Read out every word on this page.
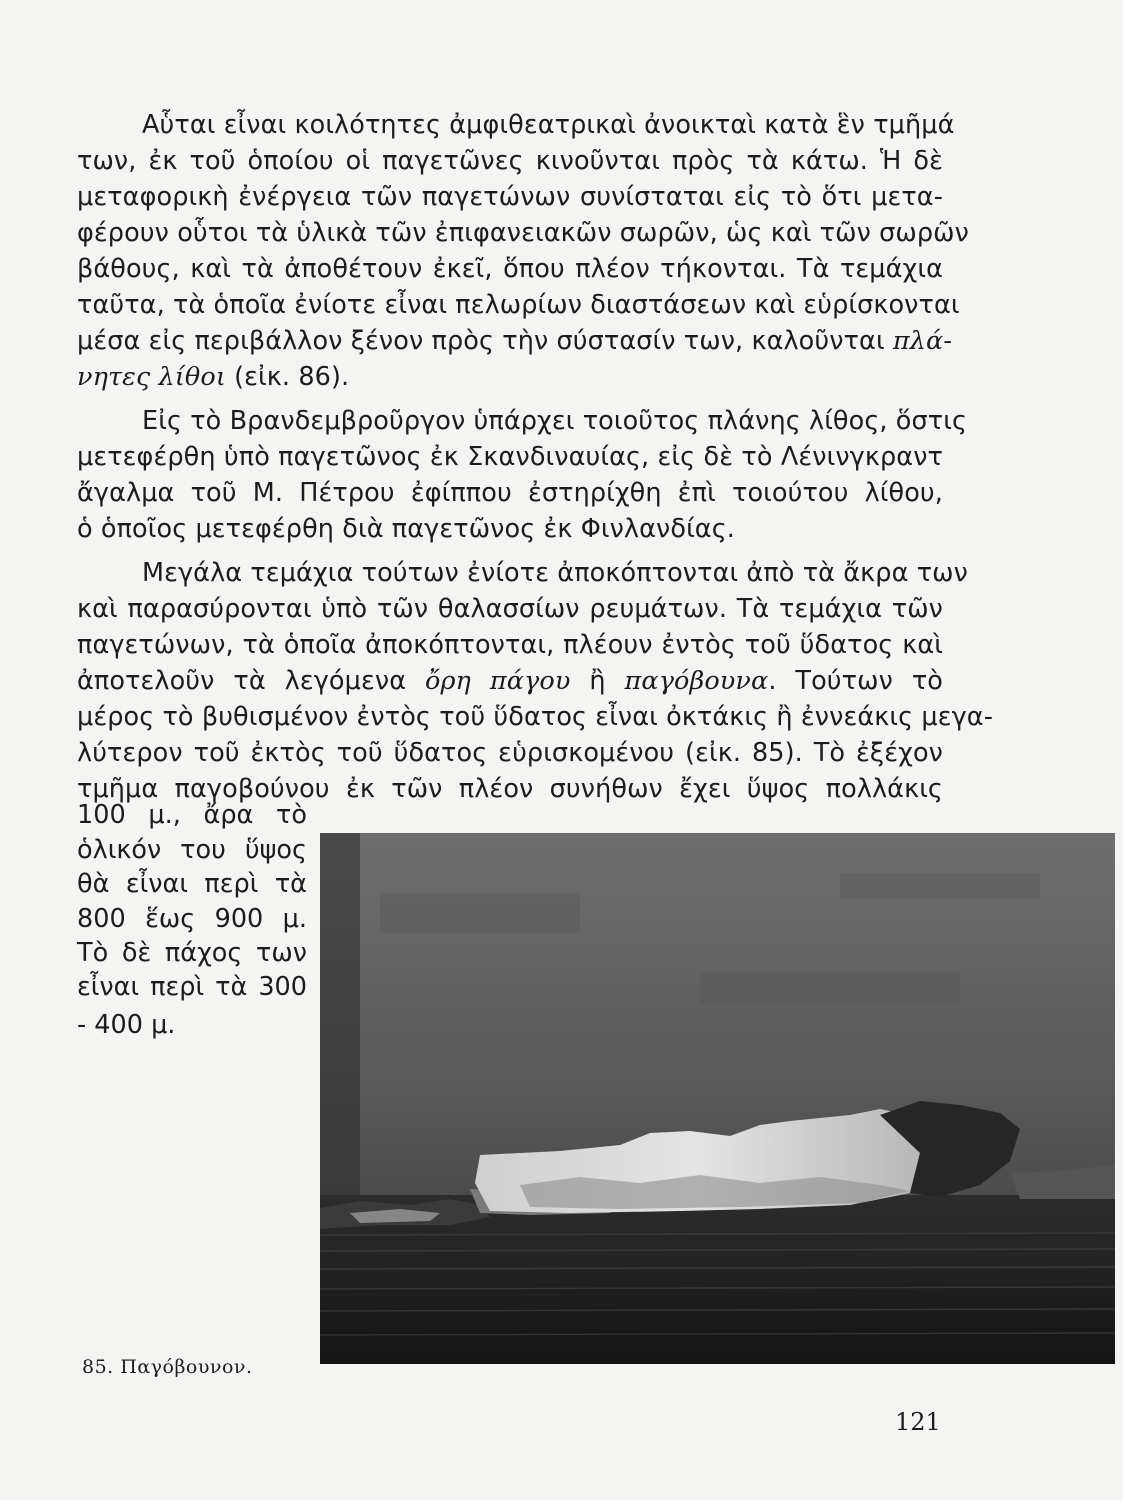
Αὗται εἶναι κοιλότητες ἀμφιθεατρικαὶ ἀνοικταὶ κατὰ ἓν τμῆμά
των, ἐκ τοῦ ὁποίου οἱ παγετῶνες κινοῦνται πρὸς τὰ κάτω. Ἡ δὲ
μεταφορικὴ ἐνέργεια τῶν παγετώνων συνίσταται εἰς τὸ ὅτι μετα-
φέρουν οὗτοι τὰ ὑλικὰ τῶν ἐπιφανειακῶν σωρῶν, ὡς καὶ τῶν σωρῶν
βάθους, καὶ τὰ ἀποθέτουν ἐκεῖ, ὅπου πλέον τήκονται. Τὰ τεμάχια
ταῦτα, τὰ ὁποῖα ἐνίοτε εἶναι πελωρίων διαστάσεων καὶ εὑρίσκονται
μέσα εἰς περιβάλλον ξένον πρὸς τὴν σύστασίν των, καλοῦνται πλά-
νητες λίθοι (εἰκ. 86).
Εἰς τὸ Βρανδεμβροῦργον ὑπάρχει τοιοῦτος πλάνης λίθος, ὅστις
μετεφέρθη ὑπὸ παγετῶνος ἐκ Σκανδιναυίας, εἰς δὲ τὸ Λένινγκραντ
ἄγαλμα τοῦ Μ. Πέτρου ἐφίππου ἐστηρίχθη ἐπὶ τοιούτου λίθου,
ὁ ὁποῖος μετεφέρθη διὰ παγετῶνος ἐκ Φινλανδίας.
Μεγάλα τεμάχια τούτων ἐνίοτε ἀποκόπτονται ἀπὸ τὰ ἄκρα των
καὶ παρασύρονται ὑπὸ τῶν θαλασσίων ρευμάτων. Τὰ τεμάχια τῶν
παγετώνων, τὰ ὁποῖα ἀποκόπτονται, πλέουν ἐντὸς τοῦ ὕδατος καὶ
ἀποτελοῦν τὰ λεγόμενα ὄρη πάγου ἢ παγόβουνα. Τούτων τὸ
μέρος τὸ βυθισμένον ἐντὸς τοῦ ὕδατος εἶναι ὀκτάκις ἢ ἐννεάκις μεγα-
λύτερον τοῦ ἐκτὸς τοῦ ὕδατος εὑρισκομένου (εἰκ. 85). Τὸ ἐξέχον
τμῆμα παγοβούνου ἐκ τῶν πλέον συνήθων ἔχει ὕψος πολλάκις
100 μ., ἄρα τὸ
ὁλικόν του ὕψος
θὰ εἶναι περὶ τὰ
800 ἕως 900 μ.
Τὸ δὲ πάχος των
εἶναι περὶ τὰ 300
- 400 μ.
85. Παγόβουνον.
121
